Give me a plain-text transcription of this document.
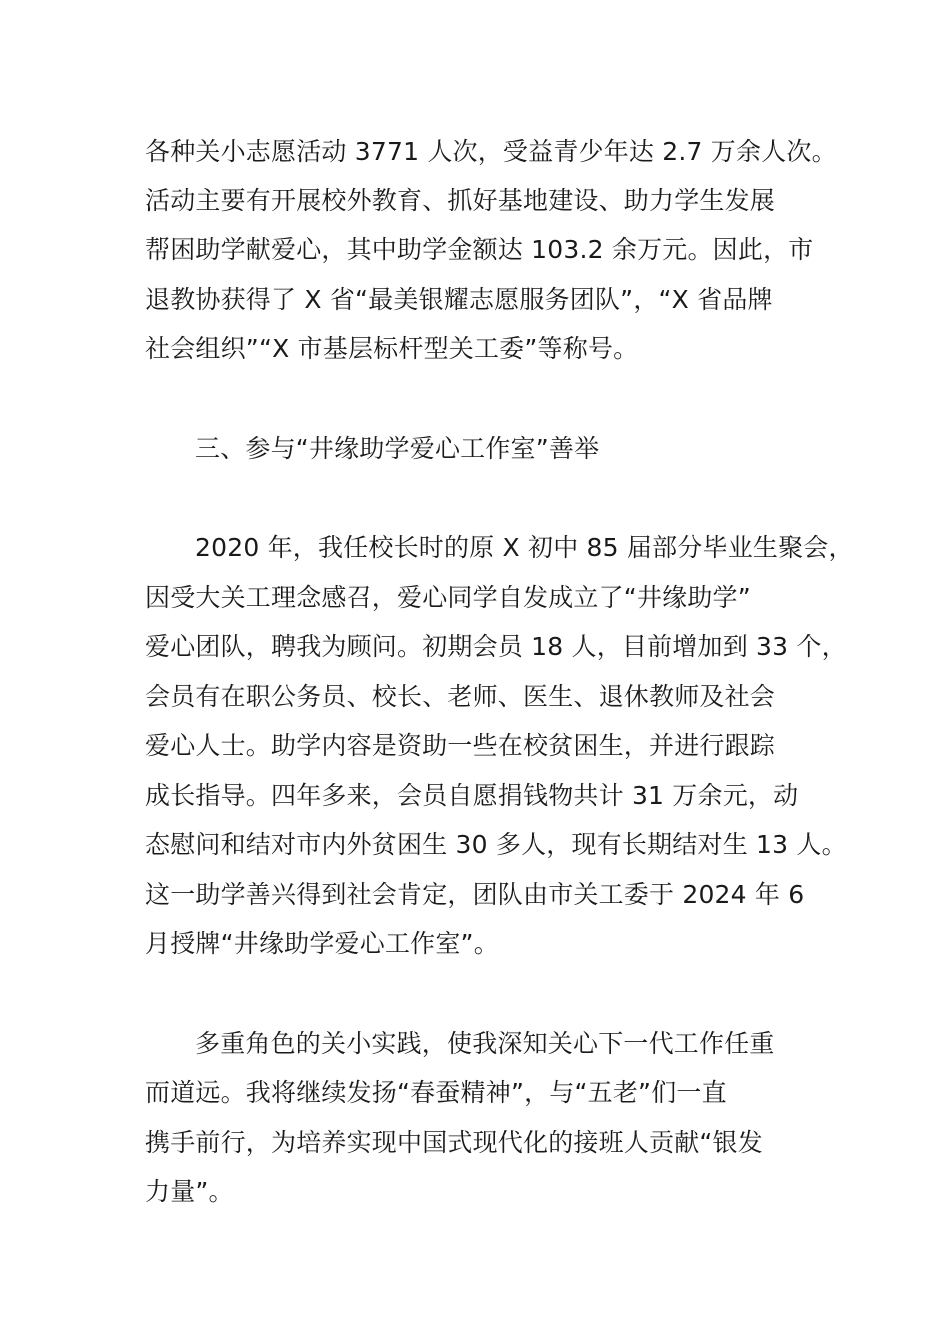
各种关小志愿活动 3771 人次，受益青少年达 2.7 万余人次。

活动主要有开展校外教育、抓好基地建设、助力学生发展

帮困助学献爱心，其中助学金额达 103.2 余万元。因此，市

退教协获得了 X 省“最美银耀志愿服务团队”，“X 省品牌

社会组织”“X 市基层标杆型关工委”等称号。

三、参与“井缘助学爱心工作室”善举

2020 年，我任校长时的原 X 初中 85 届部分毕业生聚会，

因受大关工理念感召，爱心同学自发成立了“井缘助学”

爱心团队，聘我为顾问。初期会员 18 人，目前增加到 33 个，

会员有在职公务员、校长、老师、医生、退休教师及社会

爱心人士。助学内容是资助一些在校贫困生，并进行跟踪

成长指导。四年多来，会员自愿捐钱物共计 31 万余元，动

态慰问和结对市内外贫困生 30 多人，现有长期结对生 13 人。

这一助学善兴得到社会肯定，团队由市关工委于 2024 年 6

月授牌“井缘助学爱心工作室”。

多重角色的关小实践，使我深知关心下一代工作任重

而道远。我将继续发扬“春蚕精神”，与“五老”们一直

携手前行，为培养实现中国式现代化的接班人贡献“银发

力量”。
